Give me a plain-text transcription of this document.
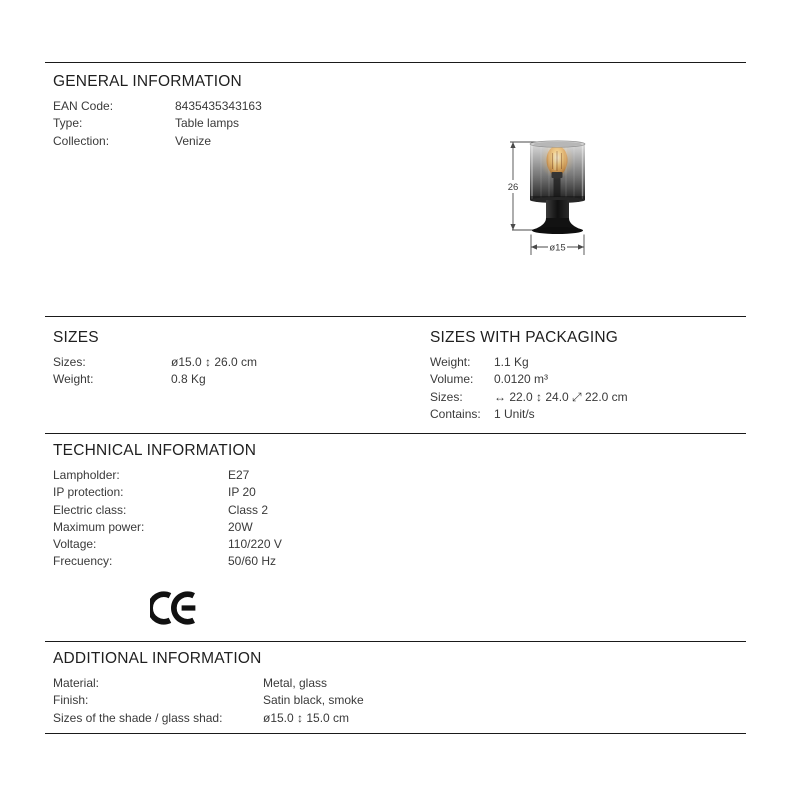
GENERAL INFORMATION
EAN Code:	8435435343163
Type:	Table lamps
Collection:	Venize
SIZES
Sizes:	ø15.0 ↕ 26.0 cm
Weight:	0.8 Kg
SIZES WITH PACKAGING
Weight:	1.1 Kg
Volume:	0.0120 m³
Sizes:	↔ 22.0 ↕ 24.0 ⤢ 22.0 cm
Contains:	1 Unit/s
TECHNICAL INFORMATION
Lampholder:	E27
IP protection:	IP 20
Electric class:	Class 2
Maximum power:	20W
Voltage:	110/220 V
Frecuency:	50/60 Hz
ADDITIONAL INFORMATION
Material:	Metal, glass
Finish:	Satin black, smoke
Sizes of the shade / glass shad:	ø15.0 ↕ 15.0 cm
26
ø15
